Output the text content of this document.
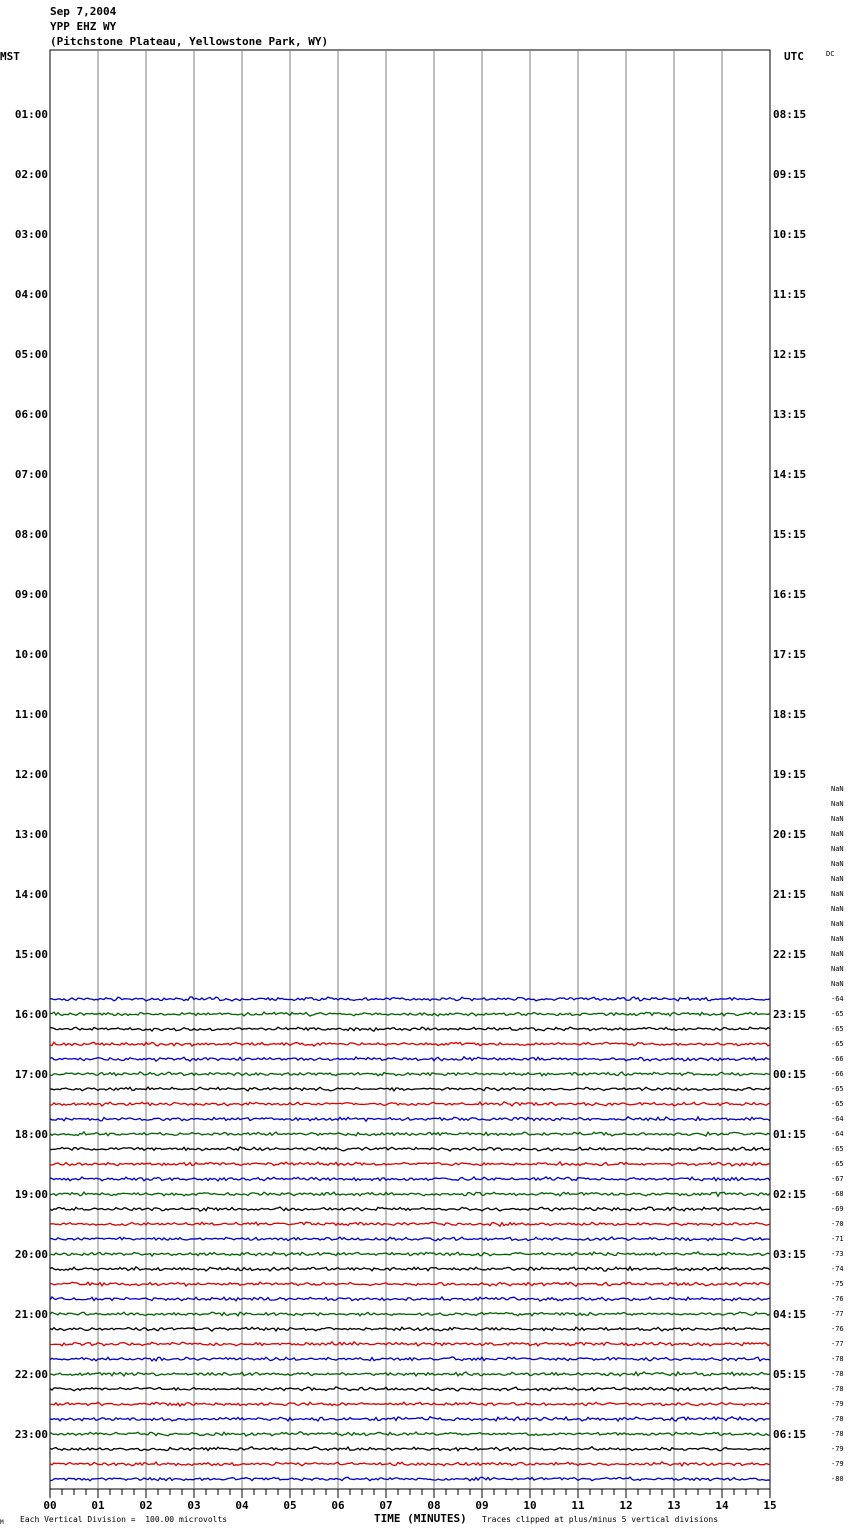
Sep 7,2004
YPP EHZ WY
(Pitchstone Plateau, Yellowstone Park, WY)
MST	UTC	DC
01:00
02:00
03:00
04:00
05:00
06:00
07:00
08:00
09:00
10:00
11:00
12:00
13:00
14:00
15:00
16:00
17:00
18:00
19:00
20:00
21:00
22:00
23:00
08:15
09:15
10:15
11:15
12:15
13:15
14:15
15:15
16:15
17:15
18:15
19:15
20:15
21:15
22:15
23:15
00:15
01:15
02:15
03:15
04:15
05:15
06:15
NaN
NaN
NaN
NaN
NaN
NaN
NaN
NaN
NaN
NaN
NaN
NaN
NaN
NaN
-64
-65
-65
-65
-66
-66
-65
-65
-64
-64
-65
-65
-67
-68
-69
-70
-71
-73
-74
-75
-76
-77
-76
-77
-78
-78
-78
-79
-78
-78
-79
-79
-80
00	01	02	03	04	05	06	07	08	09	10	11	12	13	14	15
M Each Vertical Division =  100.00 microvolts	TIME (MINUTES) Traces clipped at plus/minus 5 vertical divisions
